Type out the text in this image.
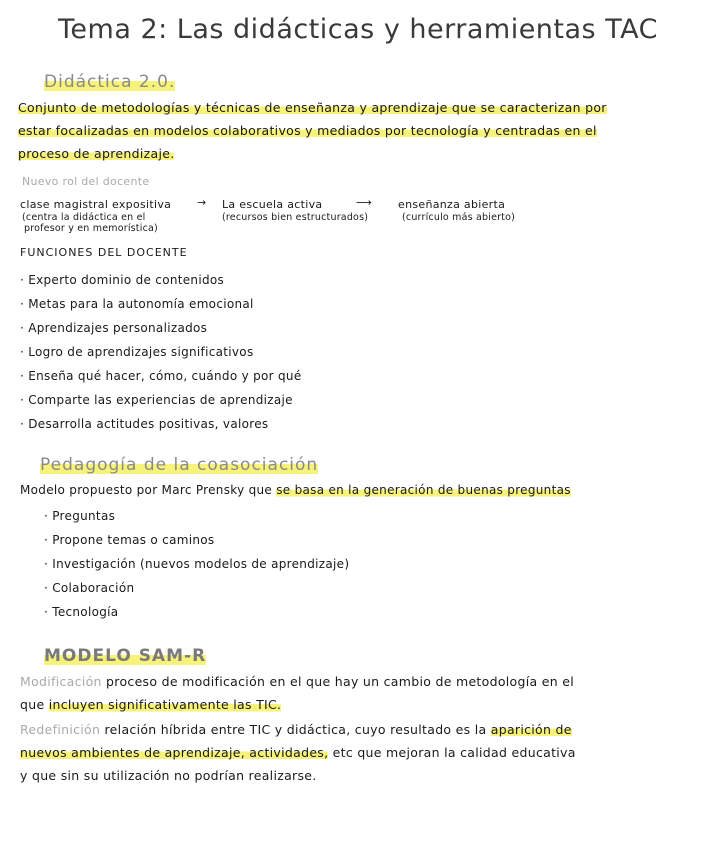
Tema 2: Las didácticas y herramientas TAC
Didáctica 2.0.
Conjunto de metodologías y técnicas de enseñanza y aprendizaje que se caracterizan por
estar focalizadas en modelos colaborativos y mediados por tecnología y centradas en el
proceso de aprendizaje.
Nuevo rol del docente
clase magistral expositiva
(centra la didáctica en el
profesor y en memorística)
→ La escuela activa
(recursos bien estructurados)
⟶ enseñanza abierta
(currículo más abierto)
FUNCIONES DEL DOCENTE
· Experto dominio de contenidos
· Metas para la autonomía emocional
· Aprendizajes personalizados
· Logro de aprendizajes significativos
· Enseña qué hacer, cómo, cuándo y por qué
· Comparte las experiencias de aprendizaje
· Desarrolla actitudes positivas, valores
Pedagogía de la coasociación
Modelo propuesto por Marc Prensky que se basa en la generación de buenas preguntas
· Preguntas
· Propone temas o caminos
· Investigación (nuevos modelos de aprendizaje)
· Colaboración
· Tecnología
MODELO SAM-R
Modificación proceso de modificación en el que hay un cambio de metodología en el
que incluyen significativamente las TIC.
Redefinición relación híbrida entre TIC y didáctica, cuyo resultado es la aparición de
nuevos ambientes de aprendizaje, actividades, etc que mejoran la calidad educativa
y que sin su utilización no podrían realizarse.
